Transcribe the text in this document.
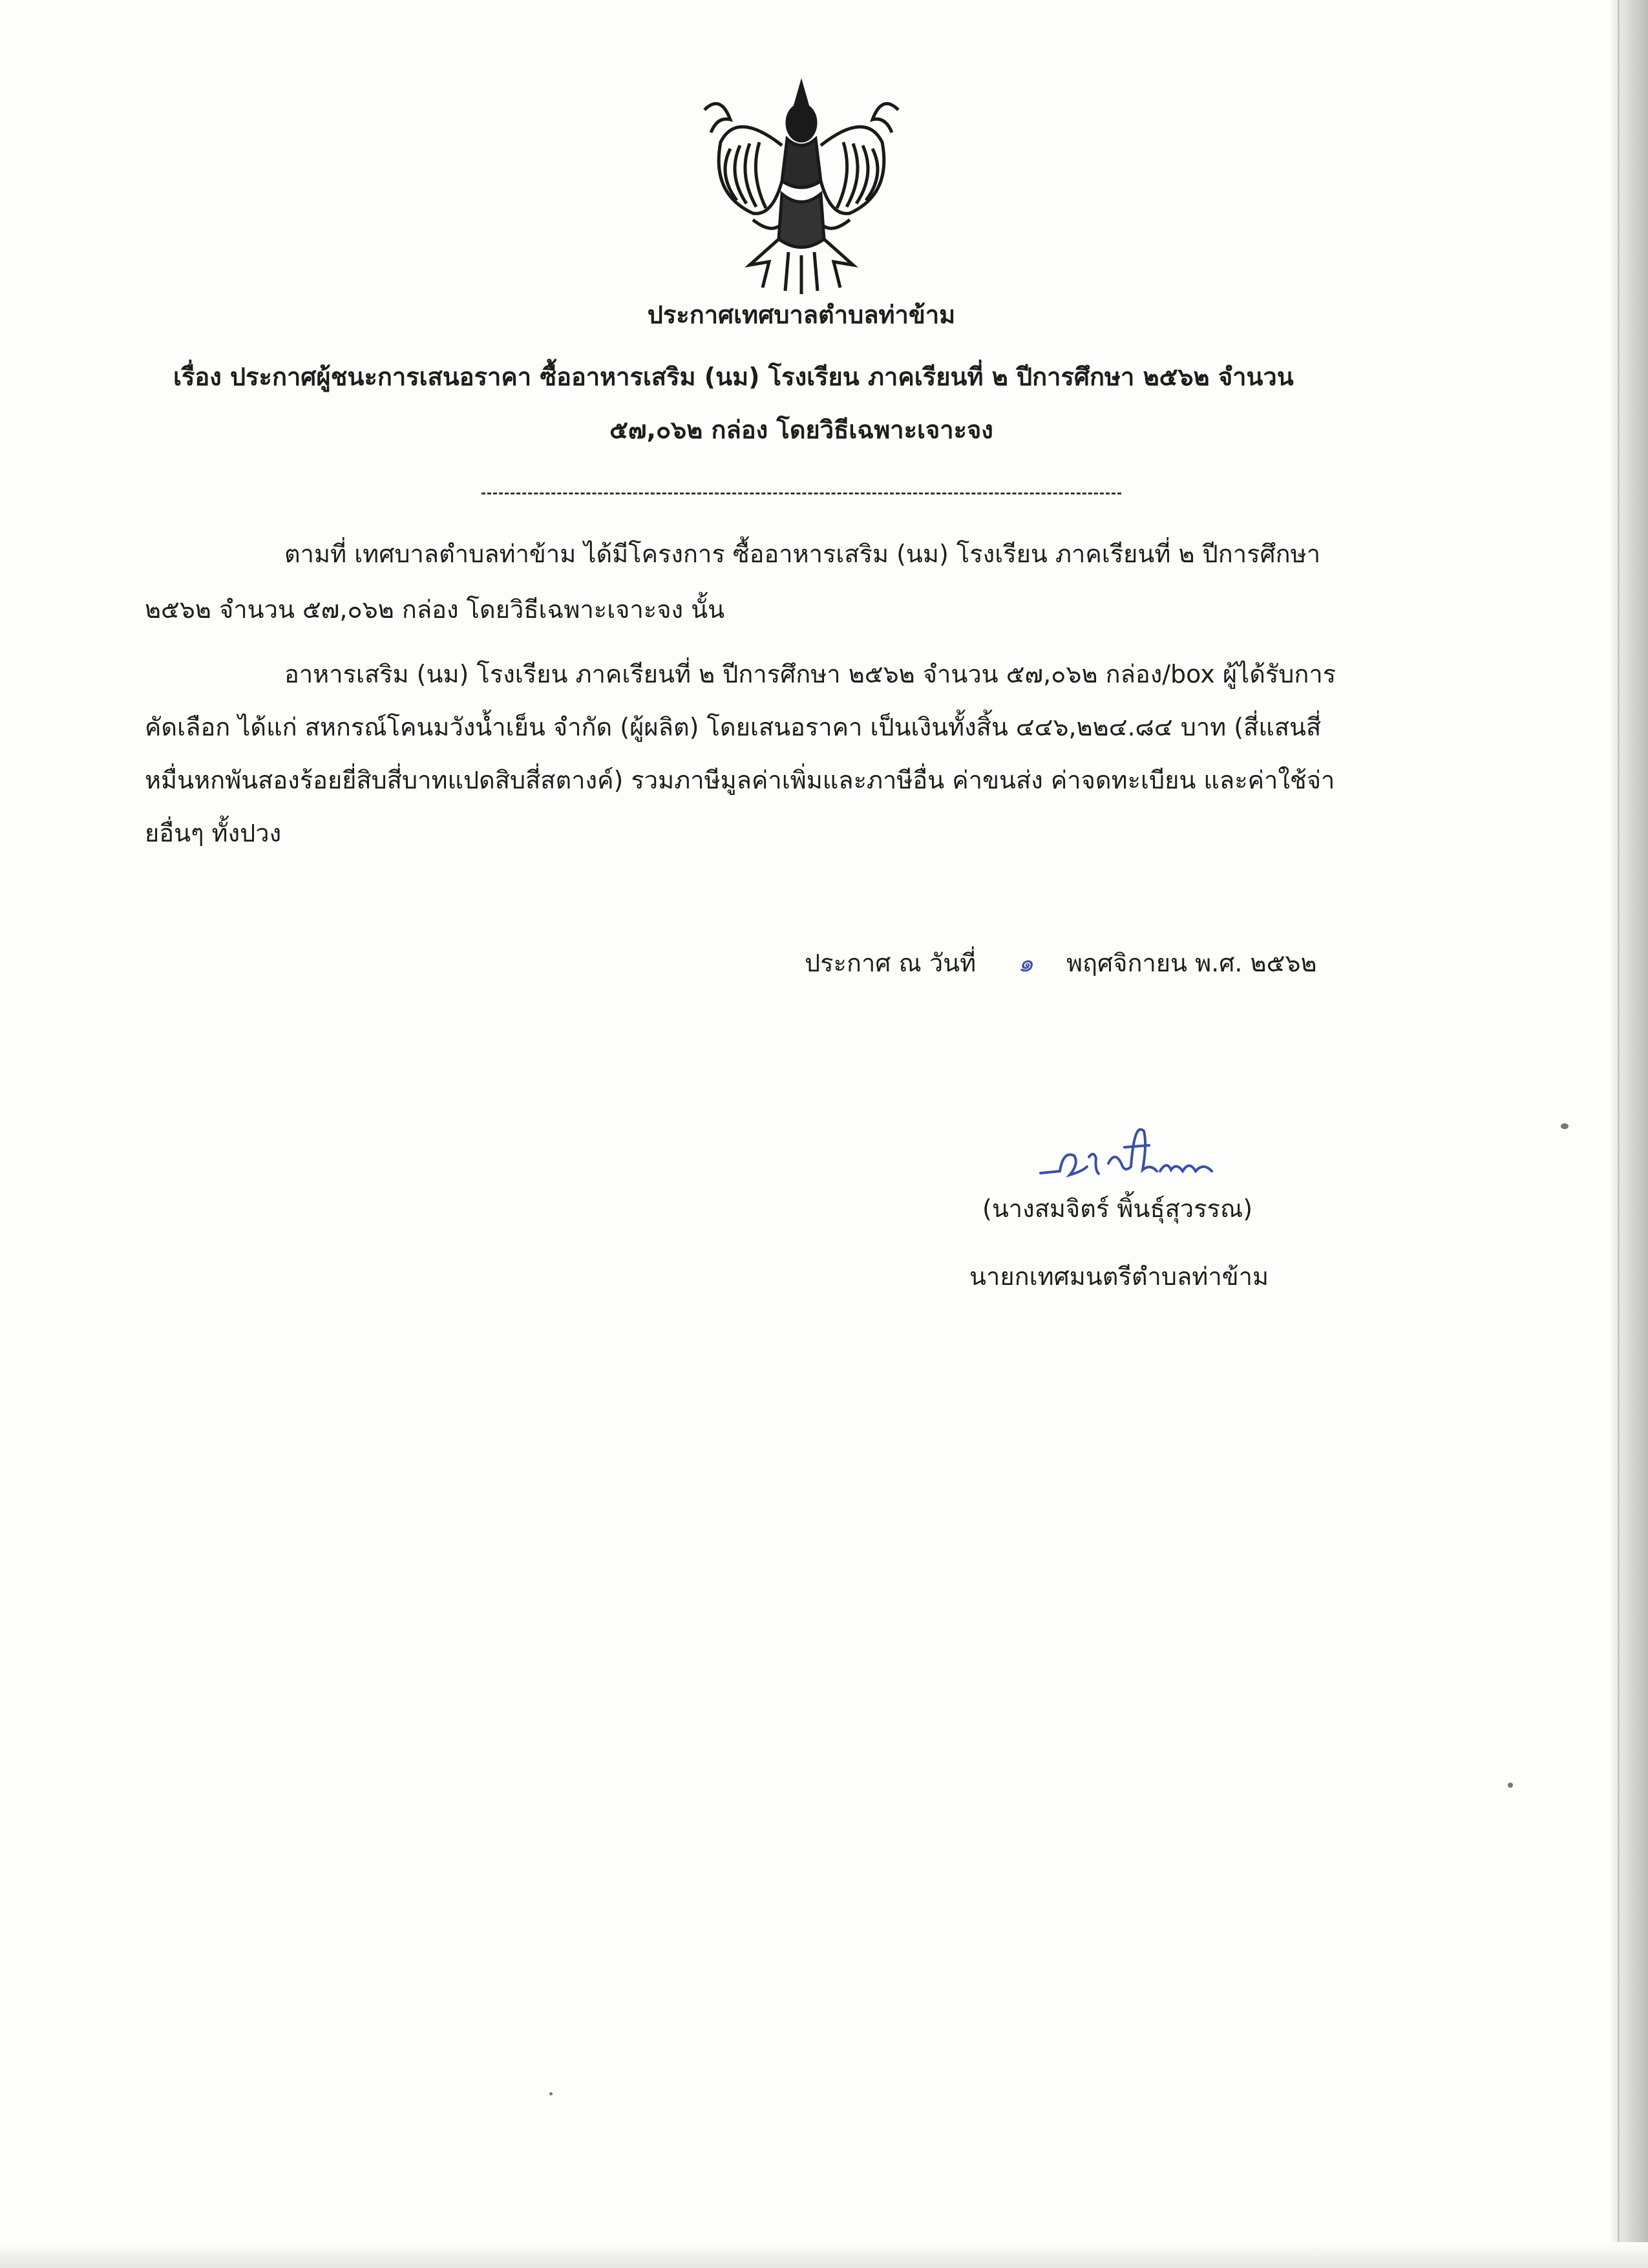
ประกาศเทศบาลตำบลท่าข้าม
เรื่อง ประกาศผู้ชนะการเสนอราคา ซื้ออาหารเสริม (นม) โรงเรียน ภาคเรียนที่ ๒ ปีการศึกษา ๒๕๖๒ จำนวน
๕๗,๐๖๒ กล่อง โดยวิธีเฉพาะเจาะจง
ตามที่ เทศบาลตำบลท่าข้าม ได้มีโครงการ ซื้ออาหารเสริม (นม) โรงเรียน ภาคเรียนที่ ๒ ปีการศึกษา
๒๕๖๒ จำนวน ๕๗,๐๖๒ กล่อง โดยวิธีเฉพาะเจาะจง นั้น
อาหารเสริม (นม) โรงเรียน ภาคเรียนที่ ๒ ปีการศึกษา ๒๕๖๒ จำนวน ๕๗,๐๖๒ กล่อง/box ผู้ได้รับการ
คัดเลือก ได้แก่ สหกรณ์โคนมวังน้ำเย็น จำกัด (ผู้ผลิต) โดยเสนอราคา เป็นเงินทั้งสิ้น ๔๔๖,๒๒๔.๘๔ บาท (สี่แสนสี่
หมื่นหกพันสองร้อยยี่สิบสี่บาทแปดสิบสี่สตางค์) รวมภาษีมูลค่าเพิ่มและภาษีอื่น ค่าขนส่ง ค่าจดทะเบียน และค่าใช้จ่า
ยอื่นๆ ทั้งปวง
ประกาศ ณ วันที่ ๑ พฤศจิกายน พ.ศ. ๒๕๖๒
(นางสมจิตร์ พิ้นธุ์สุวรรณ)
นายกเทศมนตรีตำบลท่าข้าม
